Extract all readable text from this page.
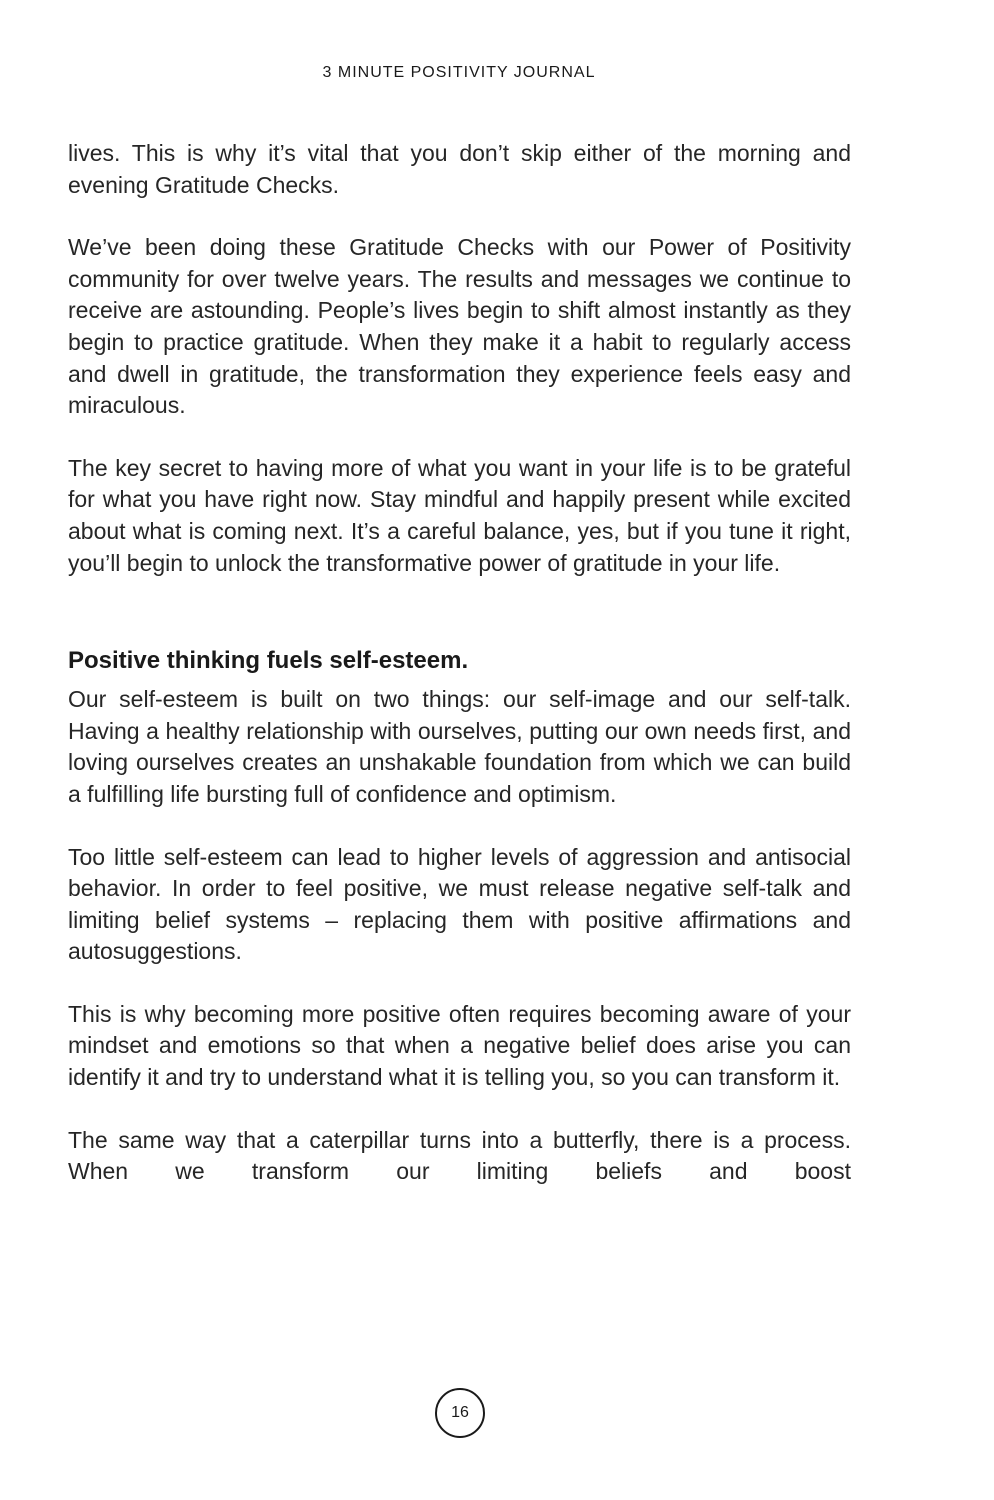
3 MINUTE POSITIVITY JOURNAL

lives. This is why it’s vital that you don’t skip either of the morning and evening Gratitude Checks.

We’ve been doing these Gratitude Checks with our Power of Positivity community for over twelve years. The results and messages we continue to receive are astounding. People’s lives begin to shift almost instantly as they begin to practice gratitude. When they make it a habit to regularly access and dwell in gratitude, the transformation they experience feels easy and miraculous.

The key secret to having more of what you want in your life is to be grateful for what you have right now. Stay mindful and happily present while excited about what is coming next. It’s a careful balance, yes, but if you tune it right, you’ll begin to unlock the transformative power of gratitude in your life.

Positive thinking fuels self-esteem.

Our self-esteem is built on two things: our self-image and our self-talk. Having a healthy relationship with ourselves, putting our own needs first, and loving ourselves creates an unshakable foundation from which we can build a fulfilling life bursting full of confidence and optimism.

Too little self-esteem can lead to higher levels of aggression and antisocial behavior. In order to feel positive, we must release negative self-talk and limiting belief systems – replacing them with positive affirmations and autosuggestions.

This is why becoming more positive often requires becoming aware of your mindset and emotions so that when a negative belief does arise you can identify it and try to understand what it is telling you, so you can transform it.

The same way that a caterpillar turns into a butterfly, there is a process. When we transform our limiting beliefs and boost

16
